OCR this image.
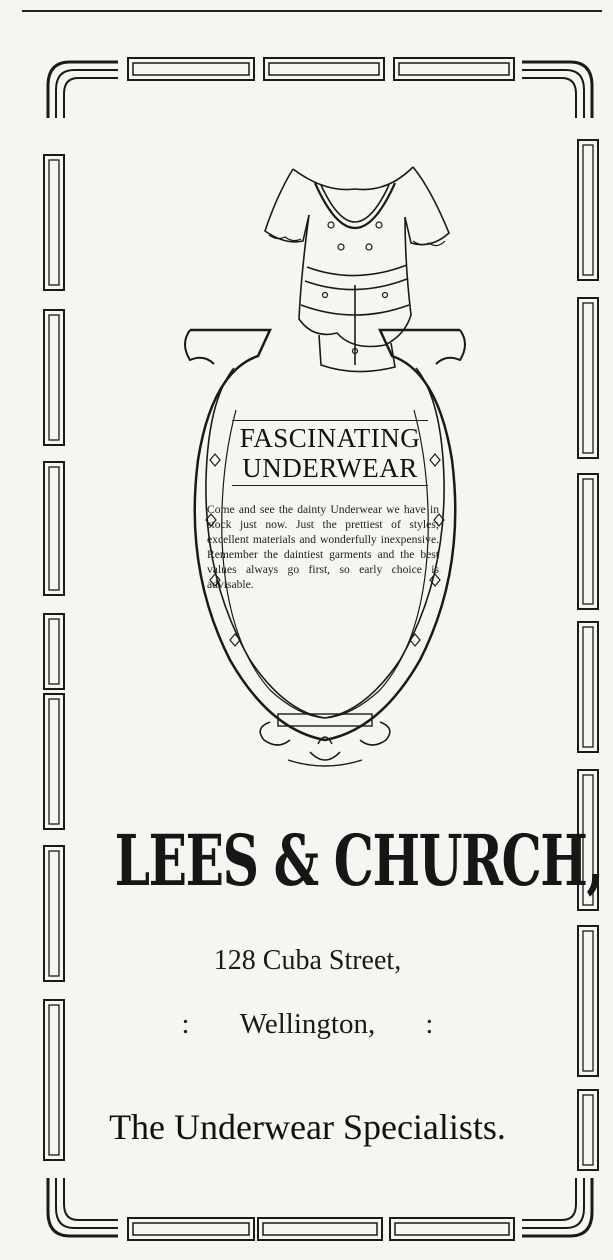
FASCINATING
UNDERWEAR
Come and see the dainty Underwear we have in stock just now. Just the prettiest of styles; excellent materials and wonderfully inexpensive. Remember the daintiest garments and the best values always go first, so early choice is advisable.
LEES & CHURCH,
128 Cuba Street,
: Wellington, :
The Underwear Specialists.
